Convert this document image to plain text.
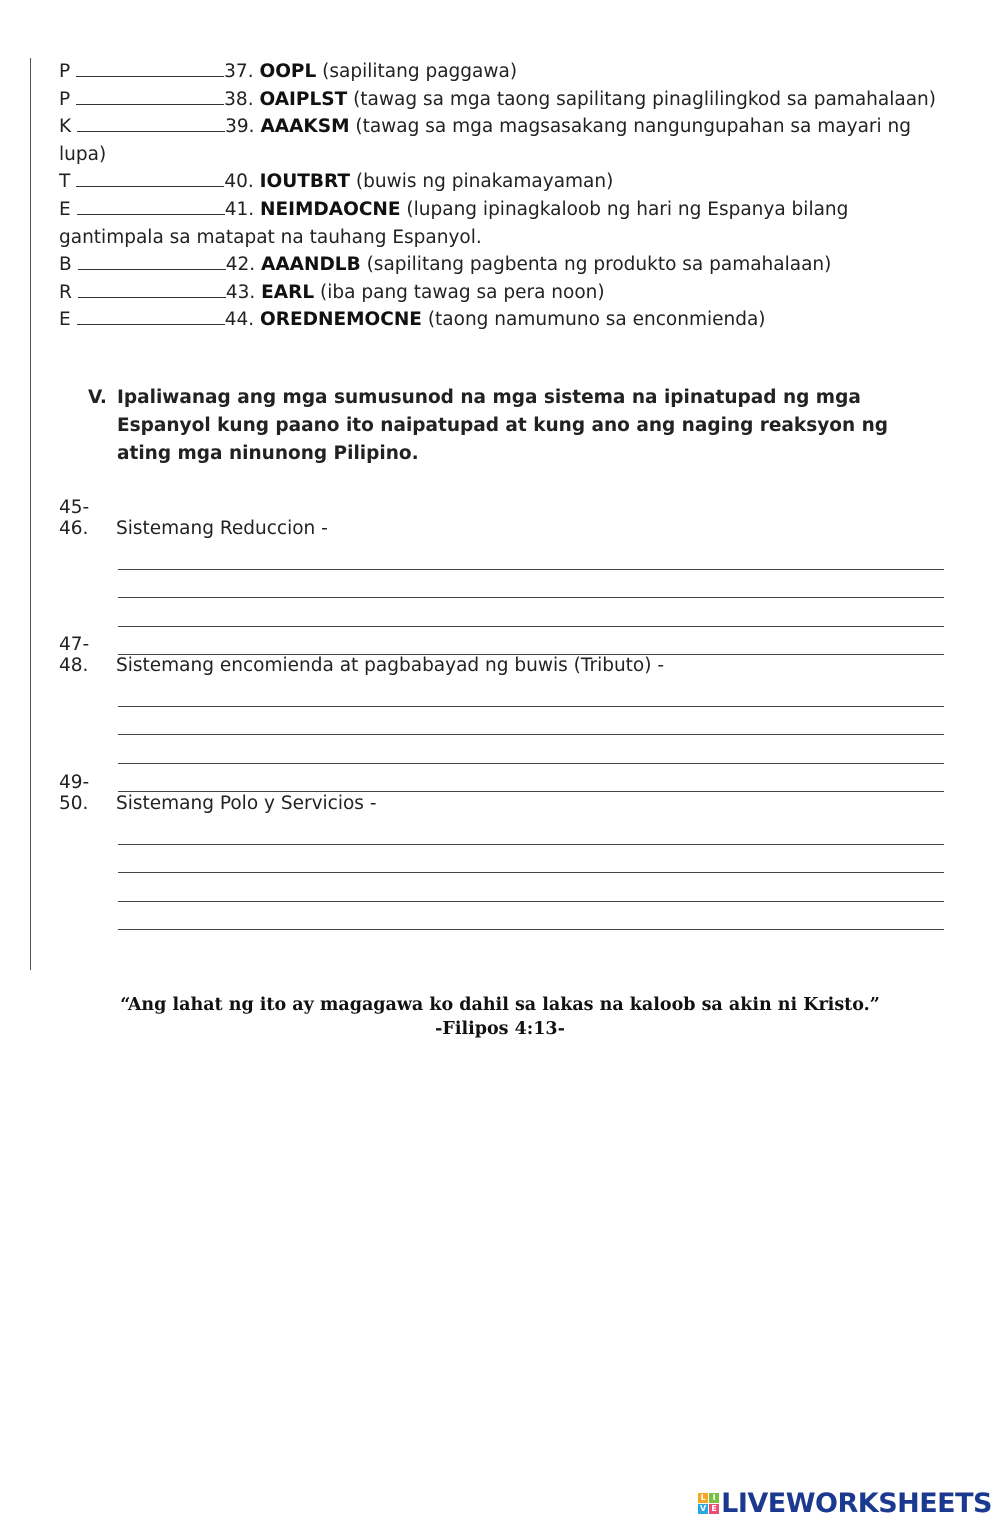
P	37. OOPL (sapilitang paggawa)
P	38. OAIPLST (tawag sa mga taong sapilitang pinaglilingkod sa pamahalaan)
K	39. AAAKSM (tawag sa mga magsasakang nangungupahan sa mayari ng lupa)
T	40. IOUTBRT (buwis ng pinakamayaman)
E	41. NEIMDAOCNE (lupang ipinagkaloob ng hari ng Espanya bilang gantimpala sa matapat na tauhang Espanyol.
B	42. AAANDLB (sapilitang pagbenta ng produkto sa pamahalaan)
R	43. EARL (iba pang tawag sa pera noon)
E	44. OREDNEMOCNE (taong namumuno sa enconmienda)
V. Ipaliwanag ang mga sumusunod na mga sistema na ipinatupad ng mga Espanyol kung paano ito naipatupad at kung ano ang naging reaksyon ng ating mga ninunong Pilipino.
45-46. Sistemang Reduccion -
47-48. Sistemang encomienda at pagbabayad ng buwis (Tributo) -
49-50. Sistemang Polo y Servicios -
“Ang lahat ng ito ay magagawa ko dahil sa lakas na kaloob sa akin ni Kristo.”
-Filipos 4:13-
L I
V E LIVEWORKSHEETS
